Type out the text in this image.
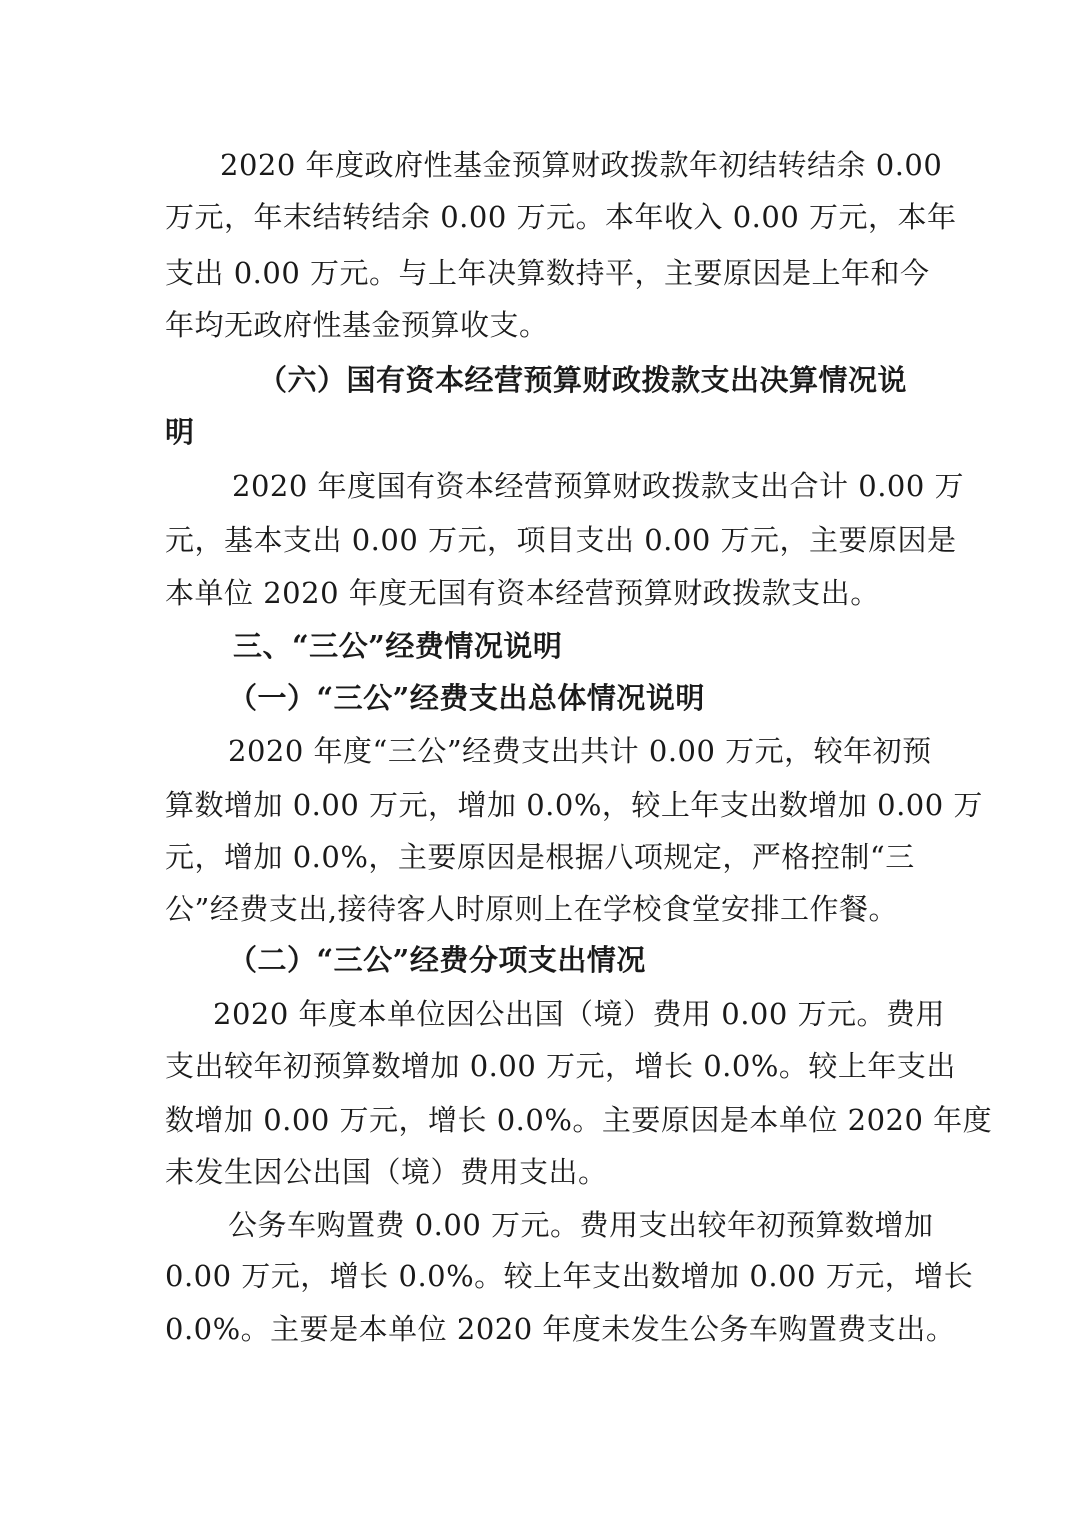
2020 年度政府性基金预算财政拨款年初结转结余 0.00
万元，年末结转结余 0.00 万元。本年收入 0.00 万元，本年
支出 0.00 万元。与上年决算数持平，主要原因是上年和今
年均无政府性基金预算收支。
（六）国有资本经营预算财政拨款支出决算情况说
明
2020 年度国有资本经营预算财政拨款支出合计 0.00 万
元，基本支出 0.00 万元，项目支出 0.00 万元，主要原因是
本单位 2020 年度无国有资本经营预算财政拨款支出。
三、“三公”经费情况说明
（一）“三公”经费支出总体情况说明
2020 年度“三公”经费支出共计 0.00 万元，较年初预
算数增加 0.00 万元，增加 0.0%，较上年支出数增加 0.00 万
元，增加 0.0%，主要原因是根据八项规定，严格控制“三
公”经费支出,接待客人时原则上在学校食堂安排工作餐。
（二）“三公”经费分项支出情况
2020 年度本单位因公出国（境）费用 0.00 万元。费用
支出较年初预算数增加 0.00 万元，增长 0.0%。较上年支出
数增加 0.00 万元，增长 0.0%。主要原因是本单位 2020 年度
未发生因公出国（境）费用支出。
公务车购置费 0.00 万元。费用支出较年初预算数增加
0.00 万元，增长 0.0%。较上年支出数增加 0.00 万元，增长
0.0%。主要是本单位 2020 年度未发生公务车购置费支出。
